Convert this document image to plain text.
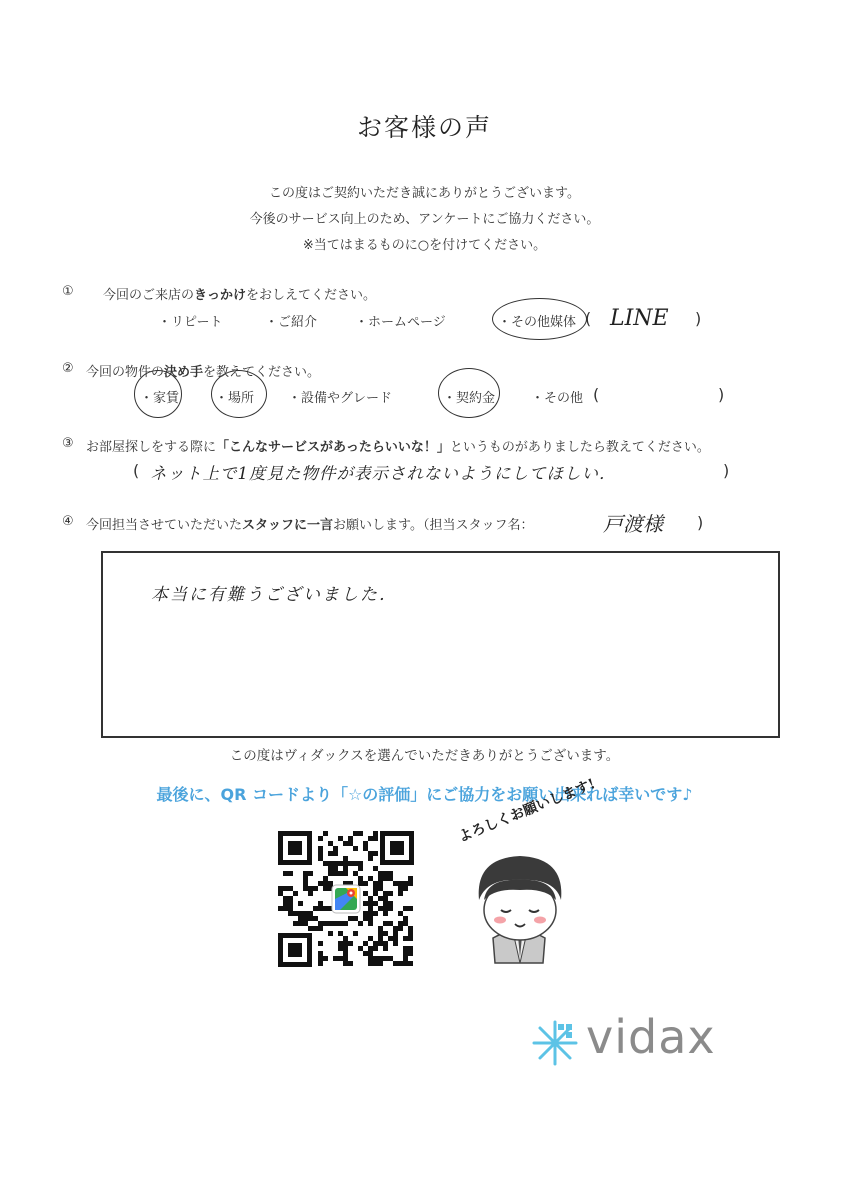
お客様の声
この度はご契約いただき誠にありがとうございます。
今後のサービス向上のため、アンケートにご協力ください。
※当てはまるものに○を付けてください。
① 今回のご来店のきっかけをおしえてください。
・リピート	・ご紹介	・ホームページ	・その他媒体 ( LINE )
② 今回の物件の決め手を教えてください。
・家賃	・場所	・設備やグレード	・契約金	・その他 (	)
③ お部屋探しをする際に「こんなサービスがあったらいいな！」というものがありましたら教えてください。
( ネット上で1度見た物件が表示されないようにしてほしい．	)
④ 今回担当させていただいたスタッフに一言お願いします。（担当スタッフ名：	戸渡様 )
本当に有難うございました．
この度はヴィダックスを選んでいただきありがとうございます。
最後に、QR コードより「☆の評価」にご協力をお願い出来れば幸いです♪
よろしくお願いします!
vidax
